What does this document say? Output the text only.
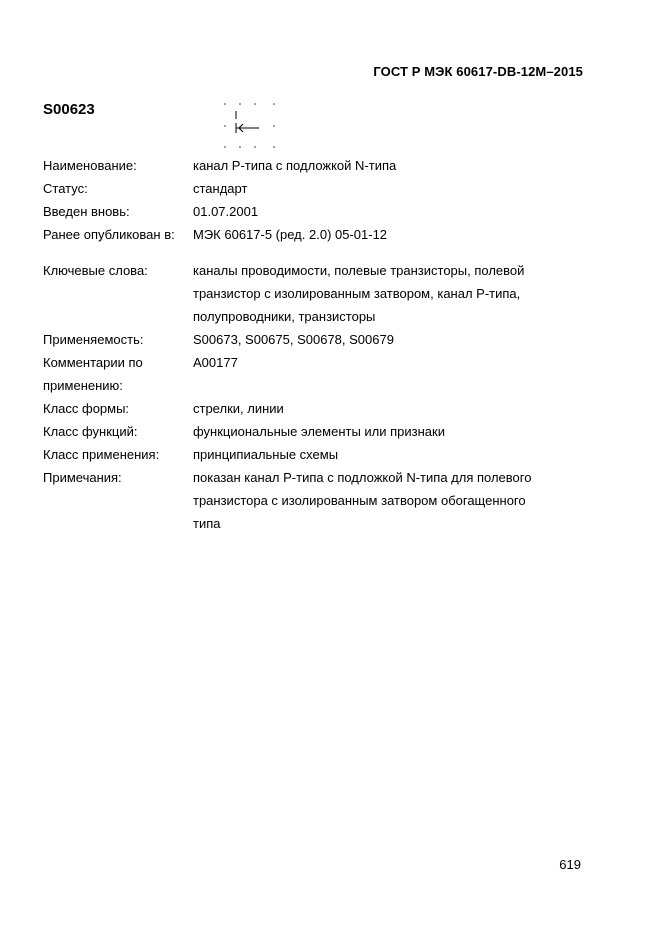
ГОСТ Р МЭК 60617-DB-12M–2015
S00623
Наименование:	канал P-типа с подложкой N-типа
Статус:	стандарт
Введен вновь:	01.07.2001
Ранее опубликован в:	МЭК 60617-5 (ред. 2.0) 05-01-12
Ключевые слова:	каналы проводимости, полевые транзисторы, полевой транзистор с изолированным затвором, канал P-типа, полупроводники, транзисторы
Применяемость:	S00673, S00675, S00678, S00679
Комментарии по применению:
A00177
Класс формы:	стрелки, линии
Класс функций:	функциональные элементы или признаки
Класс применения:	принципиальные схемы
Примечания:	показан канал P-типа с подложкой N-типа для полевого транзистора с изолированным затвором обогащенного типа
619
